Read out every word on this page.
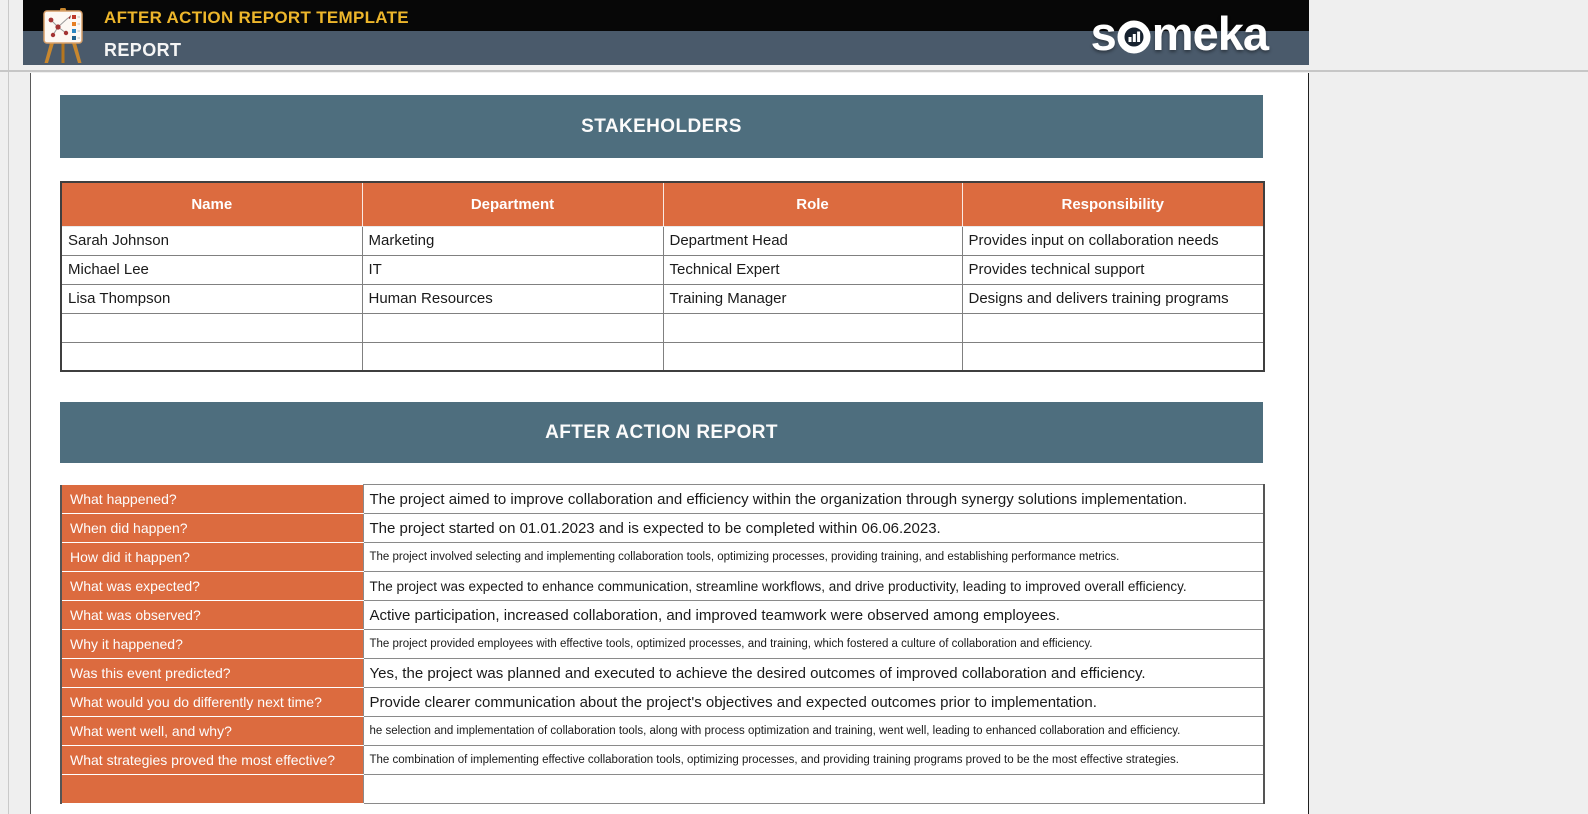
AFTER ACTION REPORT TEMPLATE
REPORT	s meka
STAKEHOLDERS
Name	Department	Role	Responsibility
Sarah Johnson	Marketing	Department Head	Provides input on collaboration needs
Michael Lee	IT	Technical Expert	Provides technical support
Lisa Thompson	Human Resources	Training Manager	Designs and delivers training programs

AFTER ACTION REPORT
What happened?	The project aimed to improve collaboration and efficiency within the organization through synergy solutions implementation.
When did happen?	The project started on 01.01.2023 and is expected to be completed within 06.06.2023.
How did it happen?	The project involved selecting and implementing collaboration tools, optimizing processes, providing training, and establishing performance metrics.
What was expected?	The project was expected to enhance communication, streamline workflows, and drive productivity, leading to improved overall efficiency.
What was observed?	Active participation, increased collaboration, and improved teamwork were observed among employees.
Why it happened?	The project provided employees with effective tools, optimized processes, and training, which fostered a culture of collaboration and efficiency.
Was this event predicted?	Yes, the project was planned and executed to achieve the desired outcomes of improved collaboration and efficiency.
What would you do differently next time?	Provide clearer communication about the project's objectives and expected outcomes prior to implementation.
What went well, and why?	he selection and implementation of collaboration tools, along with process optimization and training, went well, leading to enhanced collaboration and efficiency.
What strategies proved the most effective?	The combination of implementing effective collaboration tools, optimizing processes, and providing training programs proved to be the most effective strategies.
